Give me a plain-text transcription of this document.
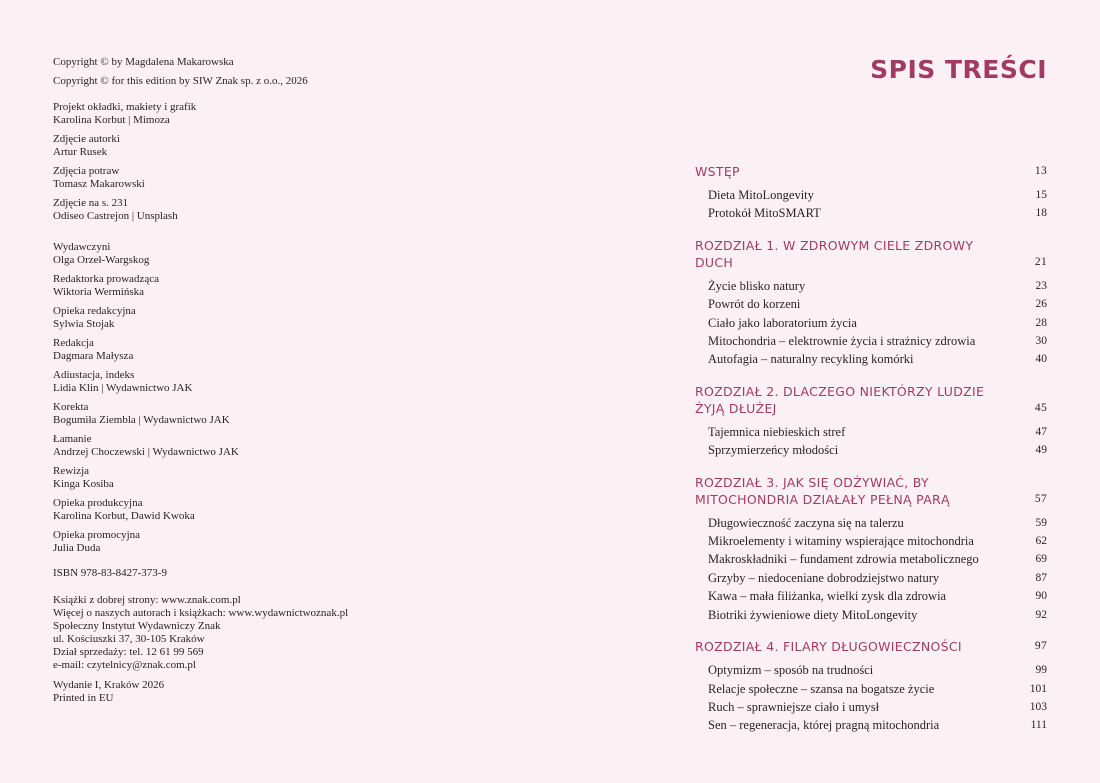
Copyright © by Magdalena Makarowska

Copyright © for this edition by SIW Znak sp. z o.o., 2026

Projekt okładki, makiety i grafik

Karolina Korbut | Mimoza

Zdjęcie autorki

Artur Rusek

Zdjęcia potraw

Tomasz Makarowski

Zdjęcie na s. 231

Odiseo Castrejon | Unsplash

Wydawczyni

Olga Orzeł-Wargskog

Redaktorka prowadząca

Wiktoria Wermińska

Opieka redakcyjna

Sylwia Stojak

Redakcja

Dagmara Małysza

Adiustacja, indeks

Lidia Klin | Wydawnictwo JAK

Korekta

Bogumiła Ziembla | Wydawnictwo JAK

Łamanie

Andrzej Choczewski | Wydawnictwo JAK

Rewizja

Kinga Kosiba

Opieka produkcyjna

Karolina Korbut, Dawid Kwoka

Opieka promocyjna

Julia Duda

ISBN 978-83-8427-373-9

Książki z dobrej strony: www.znak.com.pl

Więcej o naszych autorach i książkach: www.wydawnictwoznak.pl

Społeczny Instytut Wydawniczy Znak

ul. Kościuszki 37, 30-105 Kraków

Dział sprzedaży: tel. 12 61 99 569

e-mail: czytelnicy@znak.com.pl

Wydanie I, Kraków 2026

Printed in EU

SPIS TREŚCI
WSTĘP	13
Dieta MitoLongevity	15
Protokół MitoSMART	18
ROZDZIAŁ 1. W ZDROWYM CIELE ZDROWY DUCH	21
Życie blisko natury	23
Powrót do korzeni	26
Ciało jako laboratorium życia	28
Mitochondria – elektrownie życia i strażnicy zdrowia	30
Autofagia – naturalny recykling komórki	40
ROZDZIAŁ 2. DLACZEGO NIEKTÓRZY LUDZIE ŻYJĄ DŁUŻEJ	45
Tajemnica niebieskich stref	47
Sprzymierzeńcy młodości	49
ROZDZIAŁ 3. JAK SIĘ ODŻYWIAĆ, BY MITOCHONDRIA DZIAŁAŁY PEŁNĄ PARĄ	57
Długowieczność zaczyna się na talerzu	59
Mikroelementy i witaminy wspierające mitochondria	62
Makroskładniki – fundament zdrowia metabolicznego	69
Grzyby – niedoceniane dobrodziejstwo natury	87
Kawa – mała filiżanka, wielki zysk dla zdrowia	90
Biotriki żywieniowe diety MitoLongevity	92
ROZDZIAŁ 4. FILARY DŁUGOWIECZNOŚCI	97
Optymizm – sposób na trudności	99
Relacje społeczne – szansa na bogatsze życie	101
Ruch – sprawniejsze ciało i umysł	103
Sen – regeneracja, której pragną mitochondria	111
